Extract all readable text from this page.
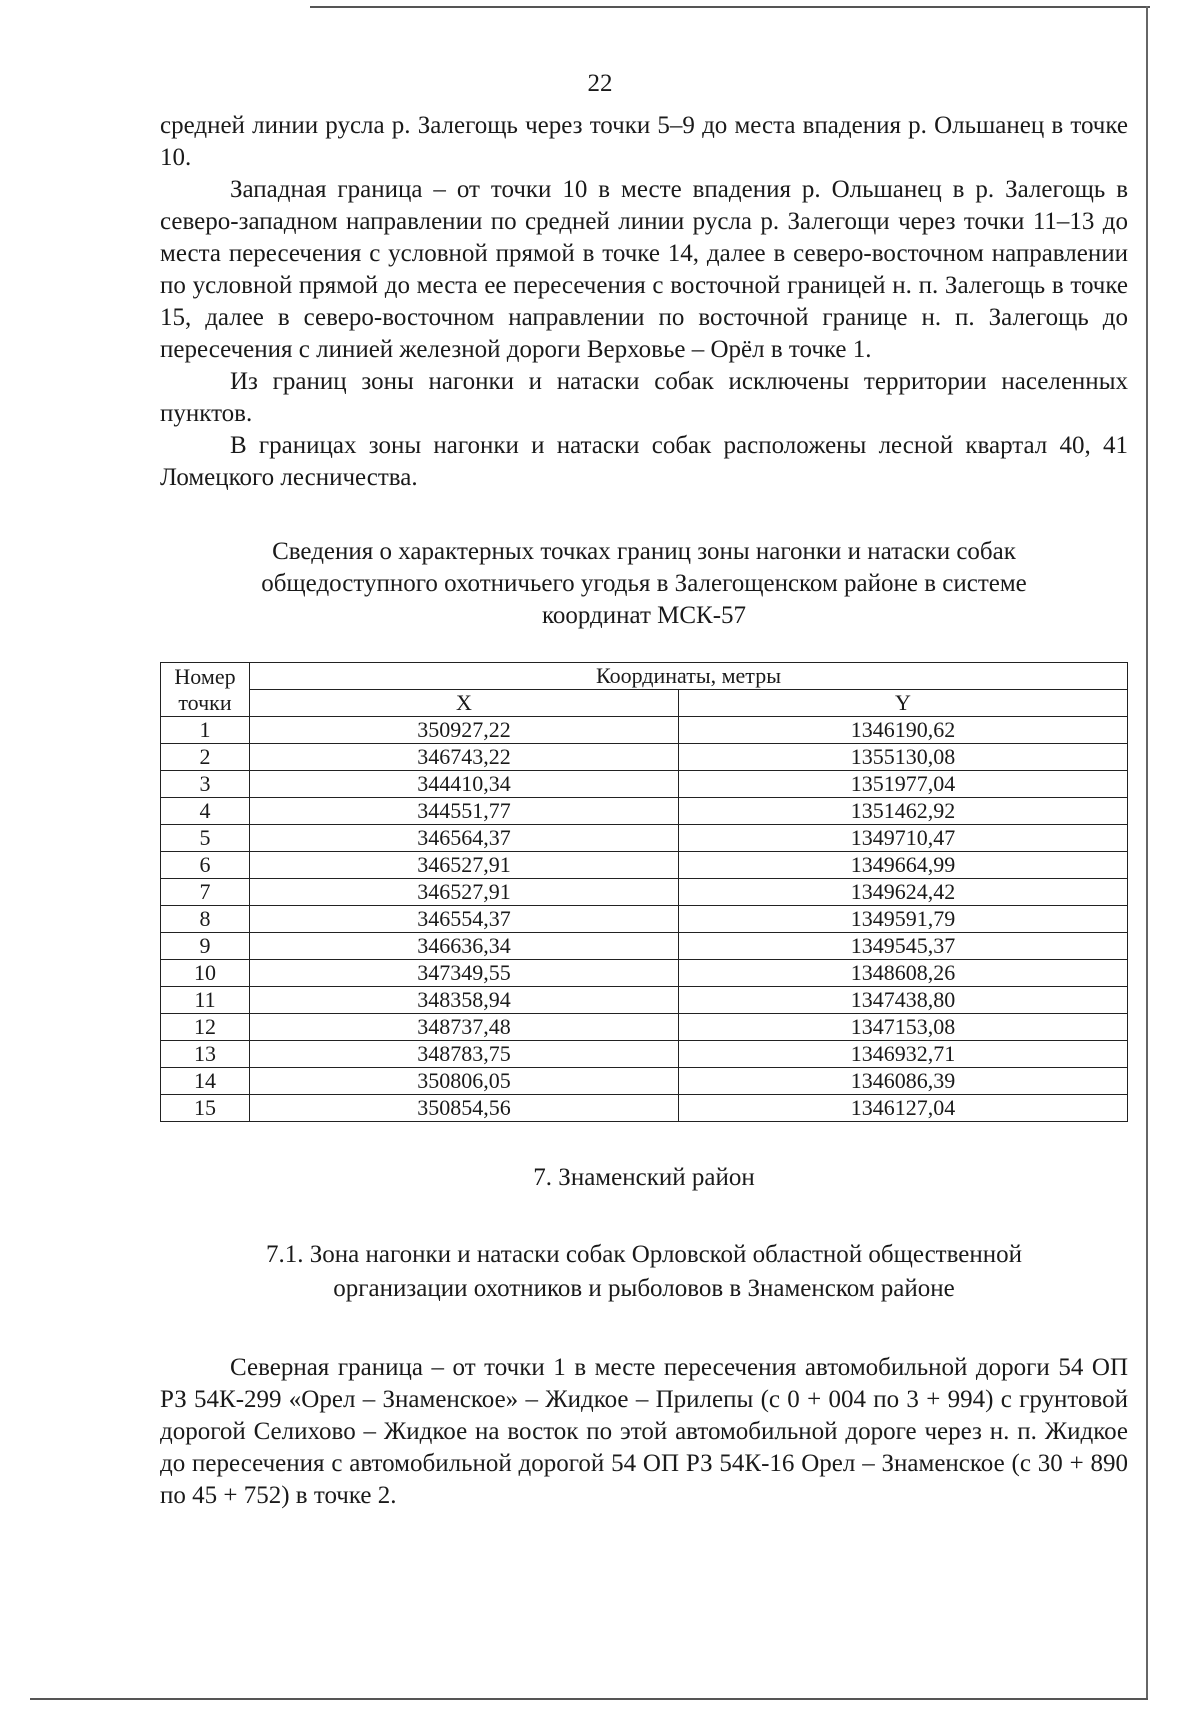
22

средней линии русла р. Залегощь через точки 5–9 до места впадения р. Ольшанец в точке 10.

Западная граница – от точки 10 в месте впадения р. Ольшанец в р. Залегощь в северо-западном направлении по средней линии русла р. Залегощи через точки 11–13 до места пересечения с условной прямой в точке 14, далее в северо-восточном направлении по условной прямой до места ее пересечения с восточной границей н. п. Залегощь в точке 15, далее в северо-восточном направлении по восточной границе н. п. Залегощь до пересечения с линией железной дороги Верховье – Орёл в точке 1.

Из границ зоны нагонки и натаски собак исключены территории населенных пунктов.

В границах зоны нагонки и натаски собак расположены лесной квартал 40, 41 Ломецкого лесничества.

Сведения о характерных точках границ зоны нагонки и натаски собак
общедоступного охотничьего угодья в Залегощенском районе в системе
координат МСК-57
Номер
точки	Координаты, метры	
	X	Y
1	350927,22	1346190,62
2	346743,22	1355130,08
3	344410,34	1351977,04
4	344551,77	1351462,92
5	346564,37	1349710,47
6	346527,91	1349664,99
7	346527,91	1349624,42
8	346554,37	1349591,79
9	346636,34	1349545,37
10	347349,55	1348608,26
11	348358,94	1347438,80
12	348737,48	1347153,08
13	348783,75	1346932,71
14	350806,05	1346086,39
15	350854,56	1346127,04
7. Знаменский район
7.1. Зона нагонки и натаски собак Орловской областной общественной
организации охотников и рыболовов в Знаменском районе

Северная граница – от точки 1 в месте пересечения автомобильной дороги 54 ОП РЗ 54К-299 «Орел – Знаменское» – Жидкое – Прилепы (с 0 + 004 по 3 + 994) с грунтовой дорогой Селихово – Жидкое на восток по этой автомобильной дороге через н. п. Жидкое до пересечения с автомобильной дорогой 54 ОП РЗ 54К-16 Орел – Знаменское (с 30 + 890 по 45 + 752) в точке 2.
